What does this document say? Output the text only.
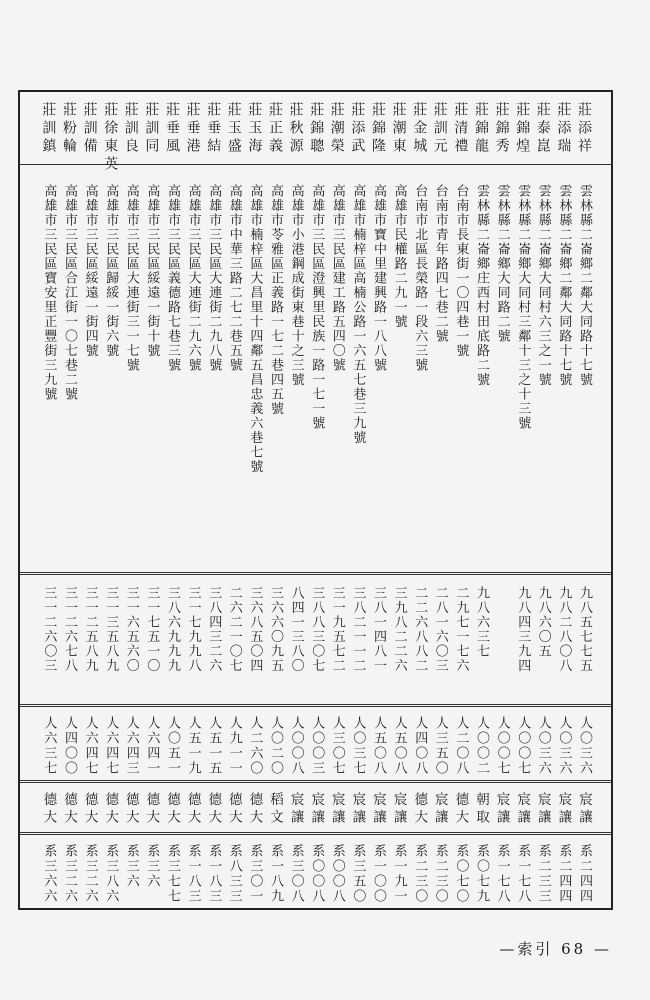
莊添祥
雲林縣二崙鄉二鄰大同路十七號
九八五七七五
人〇三六
宸讓
系二四四
莊添瑞
雲林縣二崙鄉二鄰大同路十七號
九八二八〇八
人〇三六
宸讓
系二四四
莊泰崑
雲林縣二崙鄉大同村六三之一號
九八六〇五
人〇三六
宸讓
系二三三
莊錦煌
雲林縣二崙鄉大同村三鄰十三之十三號
九八四三九四
人〇〇七
宸讓
系一七八
莊錦秀
雲林縣二崙鄉大同路二號
人〇〇七
宸讓
系一七八
莊錦龍
雲林縣二崙鄉庄西村田底路二號
九八六三七
人〇〇二
朝取
系〇七九
莊清禮
台南市長東街一〇四巷一號
二九七一七六
人二〇八
德大
系〇七〇
莊訓元
台南市青年路四七巷二號
二八一六〇三
人三五〇
宸讓
系二三〇
莊金城
台南市北區長榮路一段六三號
二二六八八二
人四〇八
德大
系二三〇
莊潮東
高雄市民權路二九一號
三九八二二六
人五〇八
宸讓
系一九一
莊錦隆
高雄市寶中里建興路一八八號
三八一四八一
人五〇八
宸讓
系一〇〇
莊添武
高雄市楠梓區高楠公路一六五七巷三九號
三八二一一二
人〇三七
宸讓
系三五〇
莊潮榮
高雄市三民區建工路五四〇號
三一九五七二
人三〇七
宸讓
系〇〇八
莊錦聰
高雄市三民區澄興里民族一路一七一號
三八八三〇七
人〇〇三
宸讓
系〇〇八
莊秋源
高雄市小港鋼成街東巷十之三號
八四一三八〇
人〇〇八
宸讓
系三〇八
莊正義
高雄市苓雅區正義路一七二巷四五號
三六六〇九五
人〇二〇
稻文
系一八九
莊玉海
高雄市楠梓區大昌里十四鄰五昌忠義六巷七號
三六八五〇四
人二六〇
德大
系三〇一
莊玉盛
高雄市中華三路二七二巷五號
二六二一〇七
人九一一
德大
系八三三
莊垂結
高雄市三民區大連街二九八號
三八四三二六
人五一五
德大
系一八三
莊垂港
高雄市三民區大連街二九六號
三一七九九八
人五一九
德大
系一八三
莊垂風
高雄市三民區義德路七巷三號
三八六九九九
人〇五一
德大
系三七七
莊訓同
高雄市三民區綏遠一街十號
三一七五一〇
人六四一
德大
系三六
莊訓良
高雄市三民區大連街三一七號
三一六五六〇
人六四三
德大
系三六
莊徐東英
高雄市三民區歸綏一街六號
三一三五八九
人六四七
德大
系三八六
莊訓備
高雄市三民區綏遠一街四號
三一二五八九
人六四七
德大
系三二六
莊粉輪
高雄市三民區合江街一〇七巷二號
三一二六七八
人四〇〇
德大
系三二六
莊訓鎮
高雄市三民區寶安里正豐街三九號
三一二六〇三
人六三七
德大
系三六六
—索引 68 —
